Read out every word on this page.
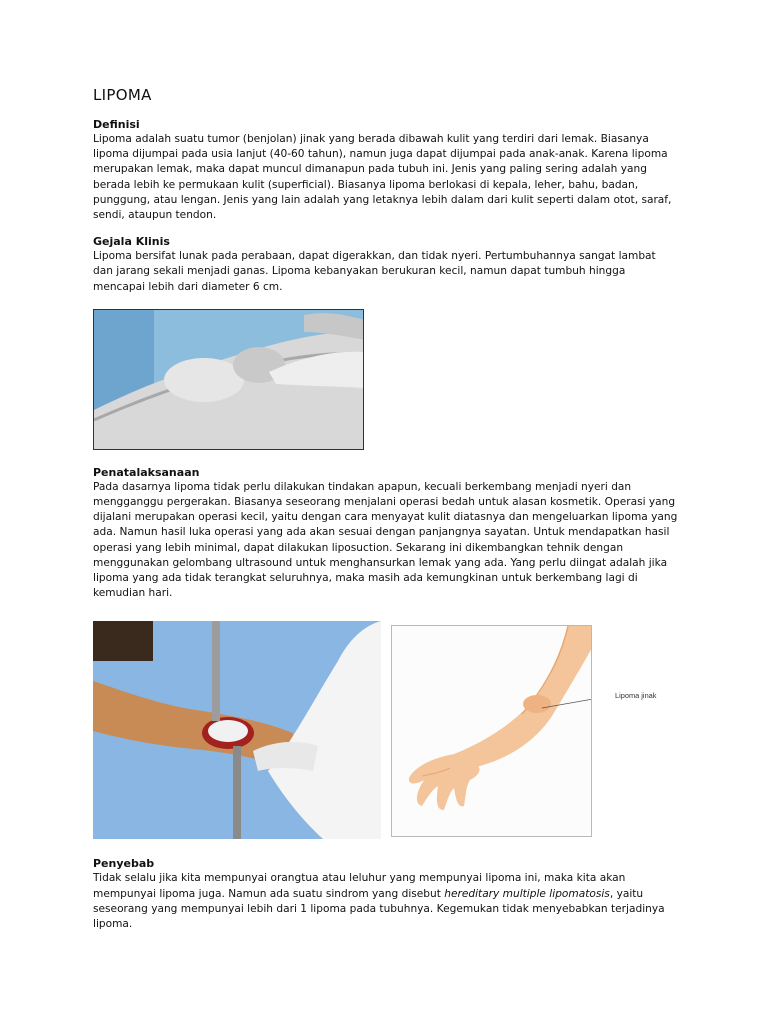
LIPOMA

Definisi

Lipoma adalah suatu tumor (benjolan) jinak yang berada dibawah kulit yang terdiri dari lemak. Biasanya lipoma dijumpai pada usia lanjut (40-60 tahun), namun juga dapat dijumpai pada anak-anak. Karena lipoma merupakan lemak, maka dapat muncul dimanapun pada tubuh ini. Jenis yang paling sering adalah yang berada lebih ke permukaan kulit (superficial). Biasanya lipoma berlokasi di kepala, leher, bahu, badan, punggung, atau lengan. Jenis yang lain adalah yang letaknya lebih dalam dari kulit seperti dalam otot, saraf, sendi, ataupun tendon.

Gejala Klinis

Lipoma bersifat lunak pada perabaan, dapat digerakkan, dan tidak nyeri. Pertumbuhannya sangat lambat dan jarang sekali menjadi ganas. Lipoma kebanyakan berukuran kecil, namun dapat tumbuh hingga mencapai lebih dari diameter 6 cm.

Penatalaksanaan

Pada dasarnya lipoma tidak perlu dilakukan tindakan apapun, kecuali berkembang menjadi nyeri dan mengganggu pergerakan. Biasanya seseorang menjalani operasi bedah untuk alasan kosmetik. Operasi yang dijalani merupakan operasi kecil, yaitu dengan cara menyayat kulit diatasnya dan mengeluarkan lipoma yang ada. Namun hasil luka operasi yang ada akan sesuai dengan panjangnya sayatan. Untuk mendapatkan hasil operasi yang lebih minimal, dapat dilakukan liposuction. Sekarang ini dikembangkan tehnik dengan menggunakan gelombang ultrasound untuk menghansurkan lemak yang ada. Yang perlu diingat adalah jika lipoma yang ada tidak terangkat seluruhnya, maka masih ada kemungkinan untuk berkembang lagi di kemudian hari.

Lipoma jinak

Penyebab

Tidak selalu jika kita mempunyai orangtua atau leluhur yang mempunyai lipoma ini, maka kita akan mempunyai lipoma juga. Namun ada suatu sindrom yang disebut hereditary multiple lipomatosis, yaitu seseorang yang mempunyai lebih dari 1 lipoma pada tubuhnya. Kegemukan tidak menyebabkan terjadinya lipoma.
